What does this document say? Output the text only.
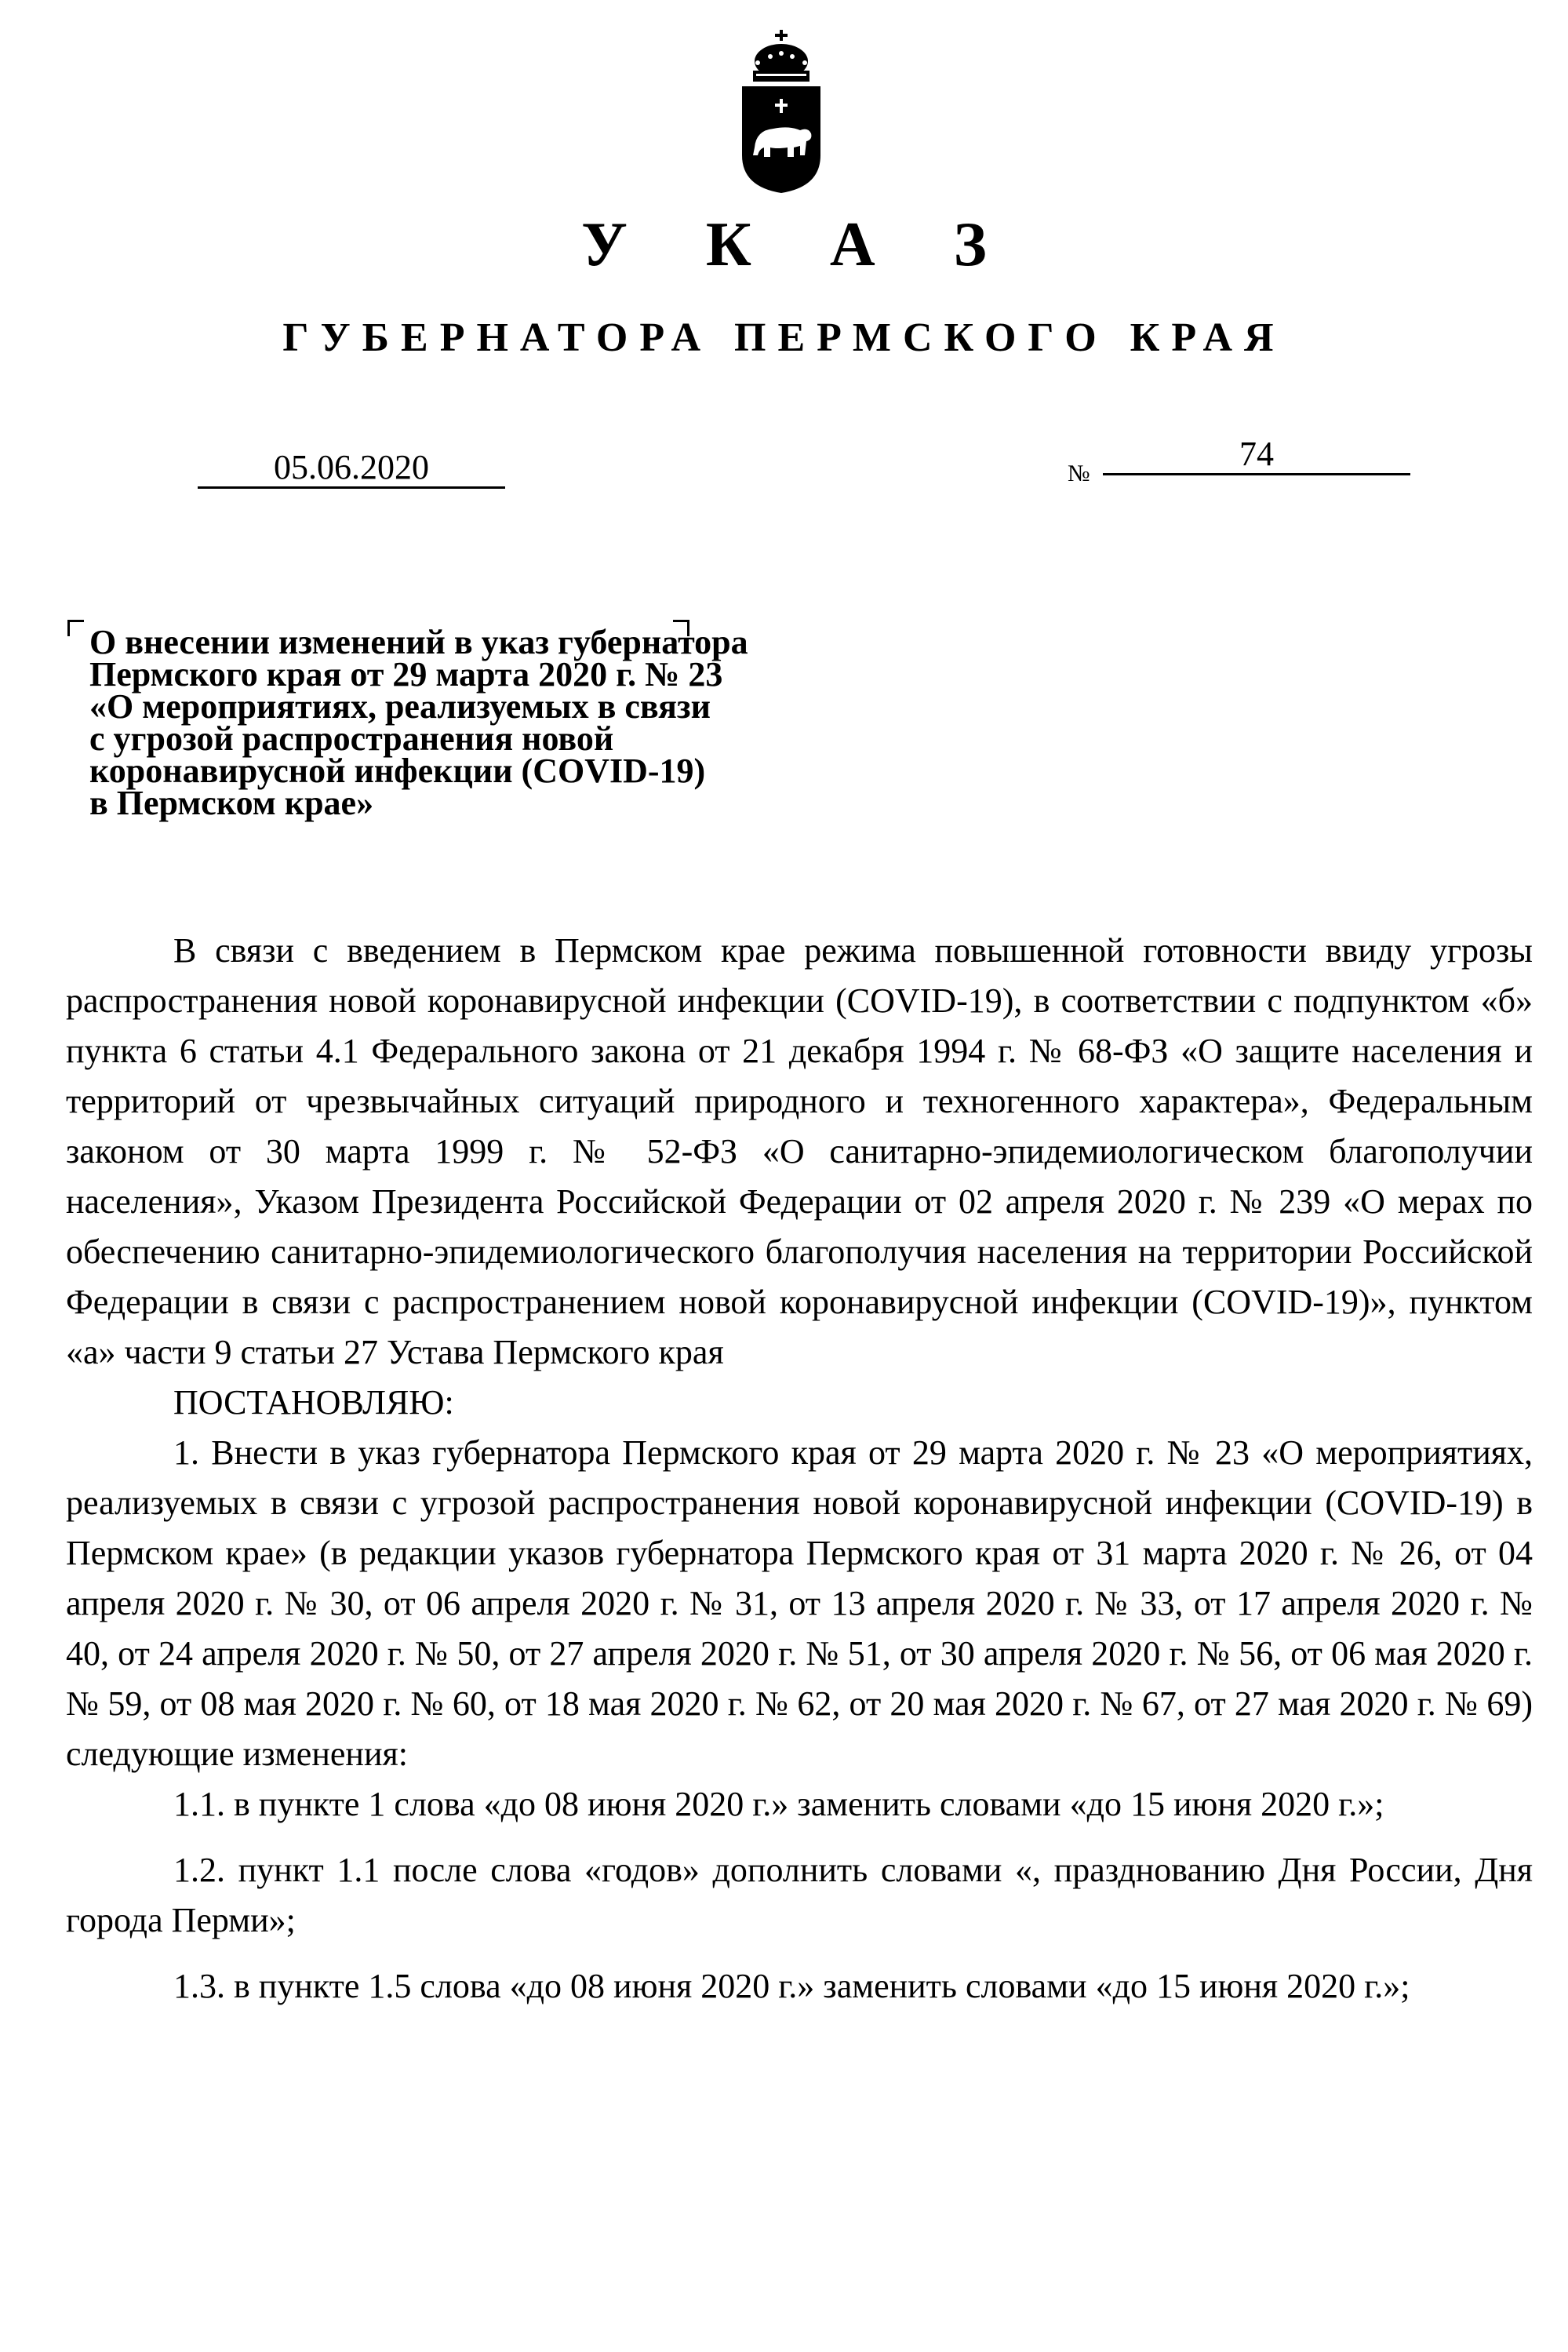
У К А З
ГУБЕРНАТОРА ПЕРМСКОГО КРАЯ
05.06.2020	№
74
О внесении изменений в указ губернатора
Пермского края от 29 марта 2020 г. № 23
«О мероприятиях, реализуемых в связи
с угрозой распространения новой
коронавирусной инфекции (COVID-19)
в Пермском крае»

В связи с введением в Пермском крае режима повышенной готовности ввиду угрозы распространения новой коронавирусной инфекции (COVID-19), в соответствии с подпунктом «б» пункта 6 статьи 4.1 Федерального закона от 21 декабря 1994 г. № 68-ФЗ «О защите населения и территорий от чрезвычайных ситуаций природного и техногенного характера», Федеральным законом от 30 марта 1999 г. № 52-ФЗ «О санитарно-эпидемиологическом благополучии населения», Указом Президента Российской Федерации от 02 апреля 2020 г. № 239 «О мерах по обеспечению санитарно-эпидемиологического благополучия населения на территории Российской Федерации в связи с распространением новой коронавирусной инфекции (COVID-19)», пунктом «а» части 9 статьи 27 Устава Пермского края

ПОСТАНОВЛЯЮ:

1. Внести в указ губернатора Пермского края от 29 марта 2020 г. № 23 «О мероприятиях, реализуемых в связи с угрозой распространения новой коронавирусной инфекции (COVID-19) в Пермском крае» (в редакции указов губернатора Пермского края от 31 марта 2020 г. № 26, от 04 апреля 2020 г. № 30, от 06 апреля 2020 г. № 31, от 13 апреля 2020 г. № 33, от 17 апреля 2020 г. № 40, от 24 апреля 2020 г. № 50, от 27 апреля 2020 г. № 51, от 30 апреля 2020 г. № 56, от 06 мая 2020 г. № 59, от 08 мая 2020 г. № 60, от 18 мая 2020 г. № 62, от 20 мая 2020 г. № 67, от 27 мая 2020 г. № 69) следующие изменения:

1.1. в пункте 1 слова «до 08 июня 2020 г.» заменить словами «до 15 июня 2020 г.»;

1.2. пункт 1.1 после слова «годов» дополнить словами «, празднованию Дня России, Дня города Перми»;

1.3. в пункте 1.5 слова «до 08 июня 2020 г.» заменить словами «до 15 июня 2020 г.»;
